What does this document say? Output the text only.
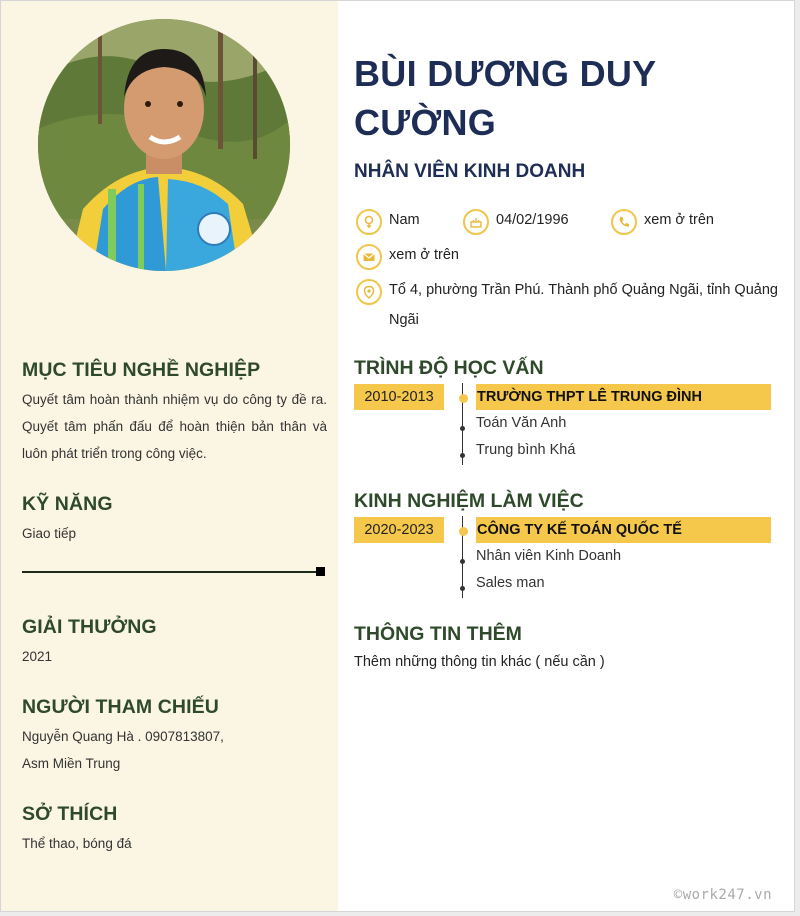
MỤC TIÊU NGHỀ NGHIỆP
Quyết tâm hoàn thành nhiệm vụ do công ty đề ra. Quyết tâm phấn đấu để hoàn thiện bản thân và luôn phát triển trong công việc.
KỸ NĂNG
Giao tiếp
GIẢI THƯỞNG
2021
NGƯỜI THAM CHIẾU
Nguyễn Quang Hà . 0907813807,
Asm Miền Trung
SỞ THÍCH
Thể thao, bóng đá
BÙI DƯƠNG DUY CƯỜNG
NHÂN VIÊN KINH DOANH
Nam	04/02/1996	xem ở trên
xem ở trên
Tổ 4, phường Trần Phú. Thành phố Quảng Ngãi, tỉnh Quảng Ngãi
TRÌNH ĐỘ HỌC VẤN
2010-2013	TRƯỜNG THPT LÊ TRUNG ĐÌNH
Toán Văn Anh
Trung bình Khá
KINH NGHIỆM LÀM VIỆC
2020-2023	CÔNG TY KẾ TOÁN QUỐC TẾ
Nhân viên Kinh Doanh
Sales man
THÔNG TIN THÊM
Thêm những thông tin khác ( nếu cần )
©work247.vn
